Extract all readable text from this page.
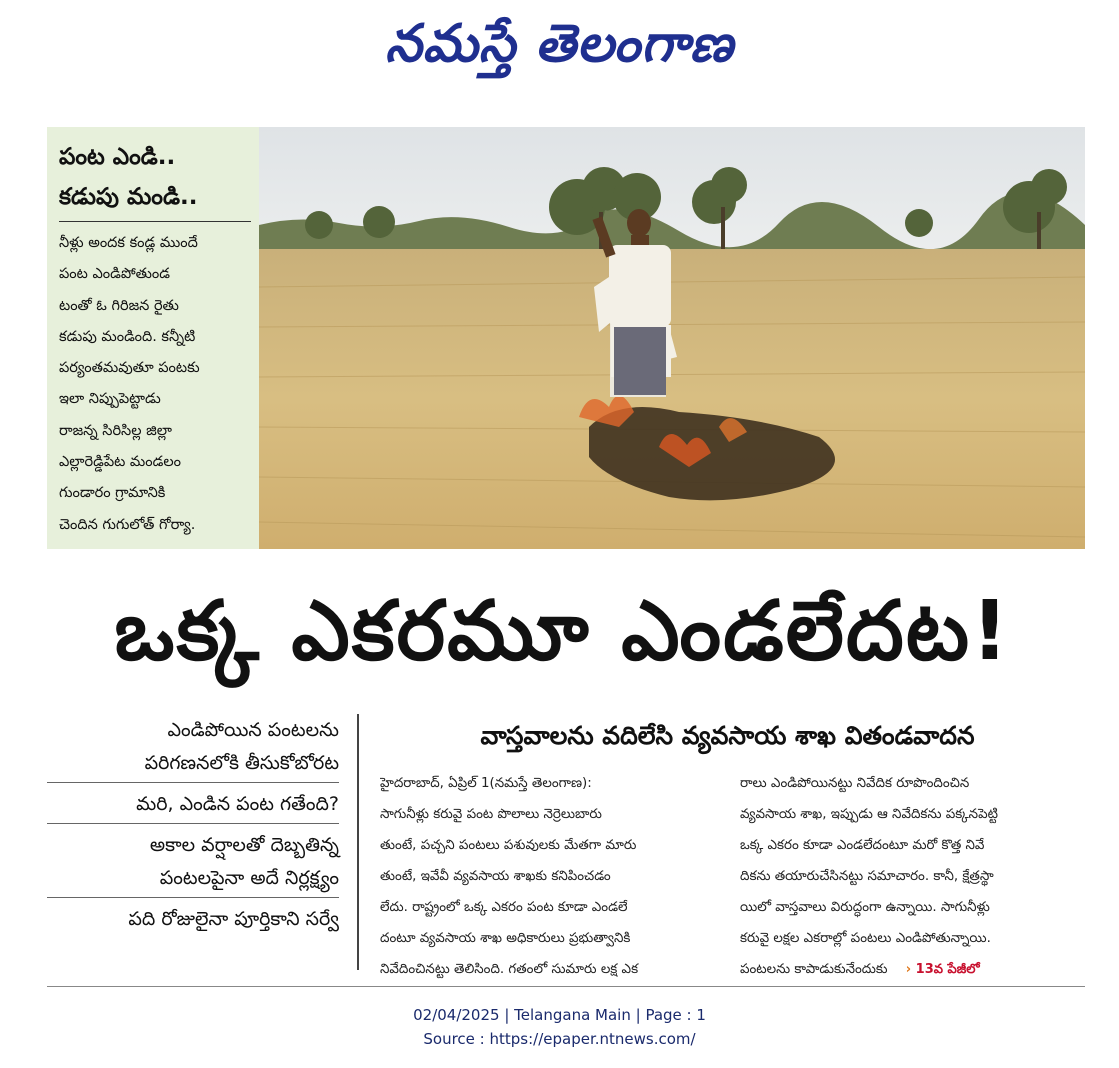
నమస్తే తెలంగాణ
పంట ఎండి..
కడుపు మండి..
నీళ్లు అందక కండ్ల ముందే
పంట ఎండిపోతుండ
టంతో ఓ గిరిజన రైతు
కడుపు మండింది. కన్నీటి
పర్యంతమవుతూ పంటకు
ఇలా నిప్పుపెట్టాడు
రాజన్న సిరిసిల్ల జిల్లా
ఎల్లారెడ్డిపేట మండలం
గుండారం గ్రామానికి
చెందిన గుగులోత్ గోర్యా.
ఒక్క ఎకరమూ ఎండలేదట!
ఎండిపోయిన పంటలను
పరిగణనలోకి తీసుకోబోరట
మరి, ఎండిన పంట గతేంది?
అకాల వర్షాలతో దెబ్బతిన్న
పంటలపైనా అదే నిర్లక్ష్యం
పది రోజులైనా పూర్తికాని సర్వే
వాస్తవాలను వదిలేసి వ్యవసాయ శాఖ వితండవాదన
హైదరాబాద్, ఏప్రిల్ 1(నమస్తే తెలంగాణ):
సాగునీళ్లు కరువై పంట పొలాలు నెర్రెలుబారు
తుంటే, పచ్చని పంటలు పశువులకు మేతగా మారు
తుంటే, ఇవేవీ వ్యవసాయ శాఖకు కనిపించడం
లేదు. రాష్ట్రంలో ఒక్క ఎకరం పంట కూడా ఎండలే
దంటూ వ్యవసాయ శాఖ అధికారులు ప్రభుత్వానికి
నివేదించినట్టు తెలిసింది. గతంలో సుమారు లక్ష ఎక
రాలు ఎండిపోయినట్టు నివేదిక రూపొందించిన
వ్యవసాయ శాఖ, ఇప్పుడు ఆ నివేదికను పక్కనపెట్టి
ఒక్క ఎకరం కూడా ఎండలేదంటూ మరో కొత్త నివే
దికను తయారుచేసినట్టు సమాచారం. కానీ, క్షేత్రస్థా
యిలో వాస్తవాలు విరుద్ధంగా ఉన్నాయి. సాగునీళ్లు
కరువై లక్షల ఎకరాల్లో పంటలు ఎండిపోతున్నాయి.
పంటలను కాపాడుకునేందుకు › 13వ పేజీలో
02/04/2025 | Telangana Main | Page : 1
Source : https://epaper.ntnews.com/
